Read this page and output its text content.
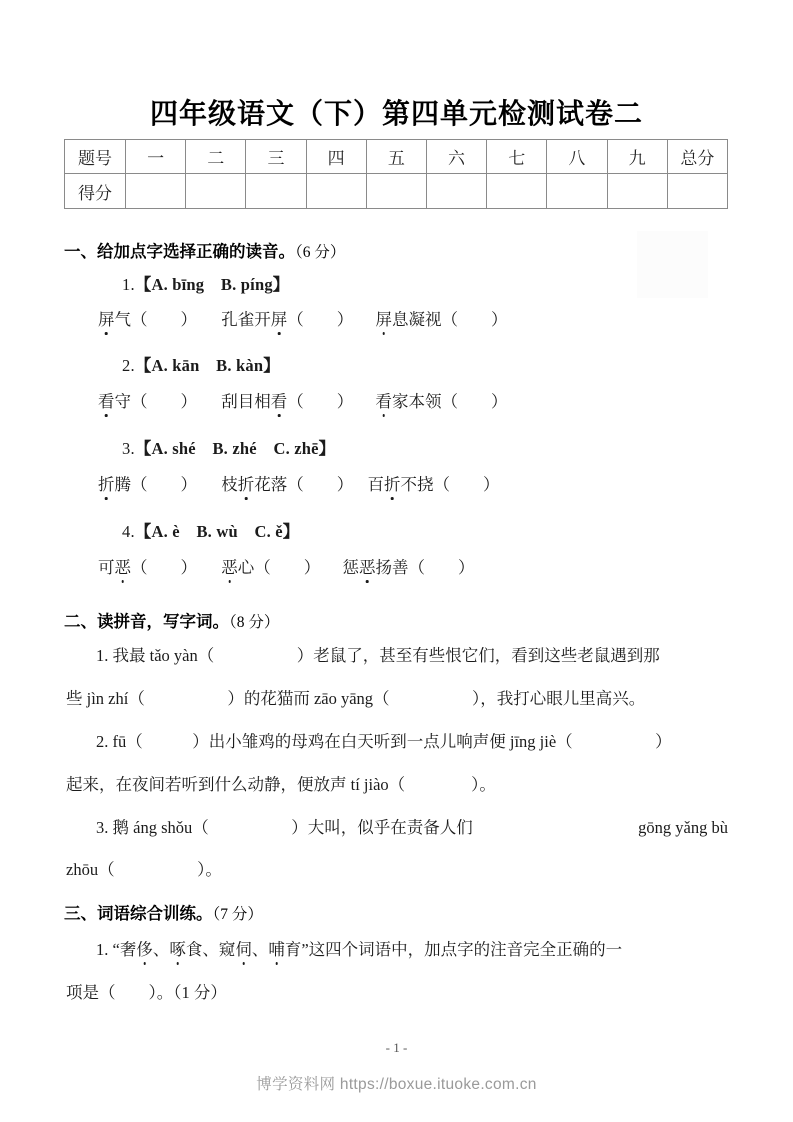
四年级语文（下）第四单元检测试卷二
题号	一	二	三	四	五	六	七	八	九	总分
得分										
一、给加点字选择正确的读音。（6 分）
1.【A. bīng　B. píng】
屏气（　　） 孔雀开屏（　　） 屏息凝视（　　）
2.【A. kān　B. kàn】
看守（　　） 刮目相看（　　） 看家本领（　　）
3.【A. shé　B. zhé　C. zhē】
折腾（　　） 枝折花落（　　） 百折不挠（　　）
4.【A. è　B. wù　C. ě】
可恶（　　） 恶心（　　） 惩恶扬善（　　）
二、读拼音，写字词。（8 分）
1. 我最 tǎo yàn（　　　　　）老鼠了，甚至有些恨它们，看到这些老鼠遇到那
些 jìn zhí（　　　　　）的花猫而 zāo yāng（　　　　　），我打心眼儿里高兴。
2. fū（　　　）出小雏鸡的母鸡在白天听到一点儿响声便 jīng jiè（　　　　　）
起来，在夜间若听到什么动静，便放声 tí jiào（　　　　）。
3. 鹅 áng shǒu（　　　　　）大叫，似乎在责备人们	gōng yǎng bù
zhōu（　　　　　）。
三、词语综合训练。（7 分）
1. “奢侈、啄食、窥伺、哺育”这四个词语中，加点字的注音完全正确的一
项是（　　）。（1 分）
- 1 -
博学资料网 https://boxue.ituoke.com.cn
